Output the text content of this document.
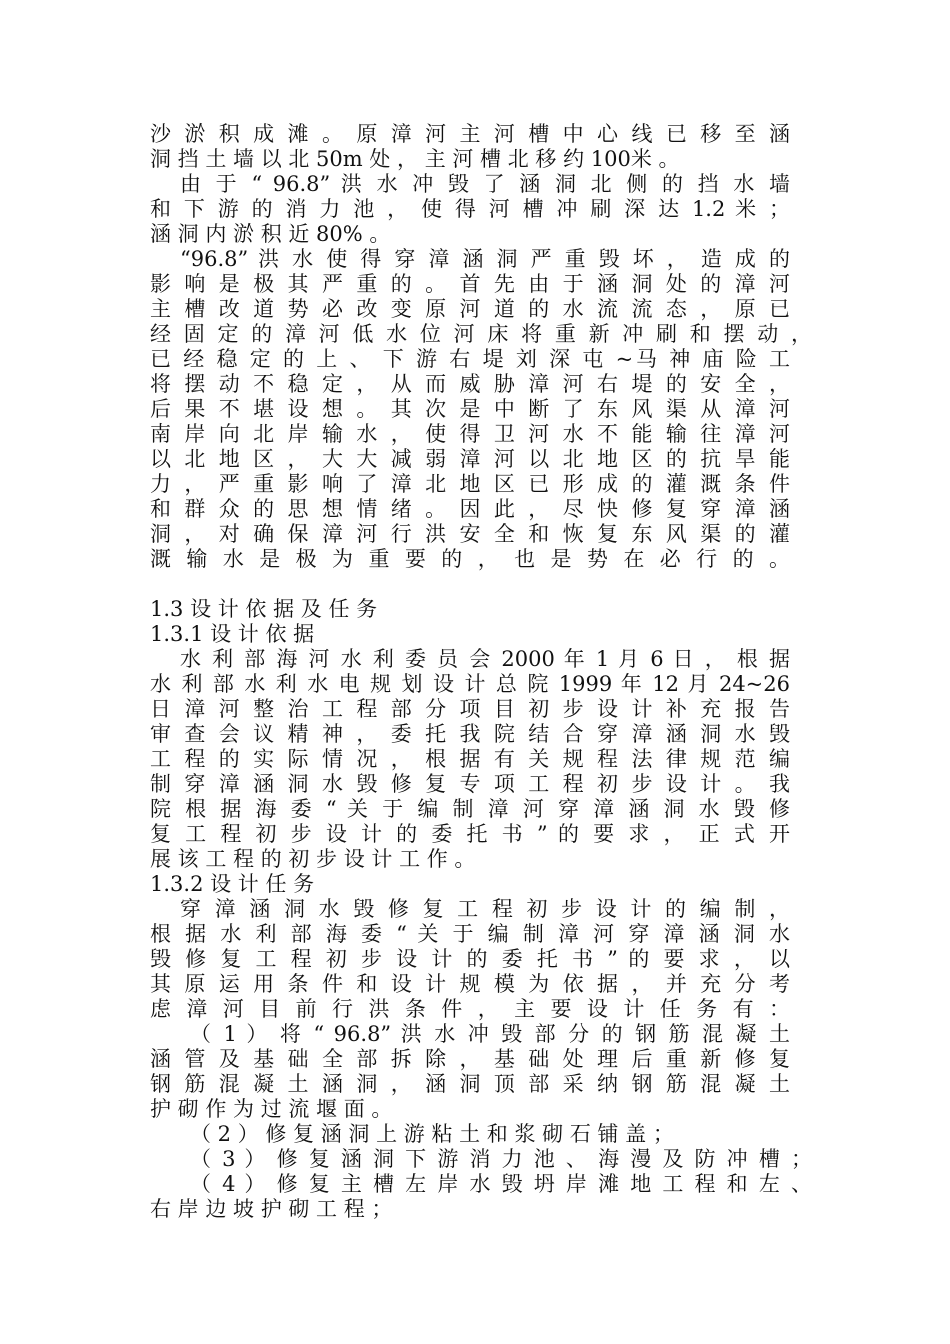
沙 淤 积 成 滩 。 原 漳 河 主 河 槽 中 心 线 已 移 至 涵
洞 挡 土 墙 以 北 50m 处 ， 主 河 槽 北 移 约 100米 。
由 于 “ 96.8” 洪 水 冲 毁 了 涵 洞 北 侧 的 挡 水 墙
和 下 游 的 消 力 池 ， 使 得 河 槽 冲 刷 深 达 1.2 米 ；
涵 洞 内 淤 积 近 80% 。
“96.8” 洪 水 使 得 穿 漳 涵 洞 严 重 毁 坏 ， 造 成 的
影 响 是 极 其 严 重 的 。 首 先 由 于 涵 洞 处 的 漳 河
主 槽 改 道 势 必 改 变 原 河 道 的 水 流 流 态 ， 原 已
经 固 定 的 漳 河 低 水 位 河 床 将 重 新 冲 刷 和 摆 动 ，
已 经 稳 定 的 上 、 下 游 右 堤 刘 深 屯 ~马 神 庙 险 工
将 摆 动 不 稳 定 ， 从 而 威 胁 漳 河 右 堤 的 安 全 ，
后 果 不 堪 设 想 。 其 次 是 中 断 了 东 风 渠 从 漳 河
南 岸 向 北 岸 输 水 ， 使 得 卫 河 水 不 能 输 往 漳 河
以 北 地 区 ， 大 大 减 弱 漳 河 以 北 地 区 的 抗 旱 能
力 ， 严 重 影 响 了 漳 北 地 区 已 形 成 的 灌 溉 条 件
和 群 众 的 思 想 情 绪 。 因 此 ， 尽 快 修 复 穿 漳 涵
洞 ， 对 确 保 漳 河 行 洪 安 全 和 恢 复 东 风 渠 的 灌
溉 输 水 是 极 为 重 要 的 ， 也 是 势 在 必 行 的 。
1.3 设 计 依 据 及 任 务
1.3.1 设 计 依 据
水 利 部 海 河 水 利 委 员 会 2000 年 1 月 6 日 ， 根 据
水 利 部 水 利 水 电 规 划 设 计 总 院 1999 年 12 月 24~26
日 漳 河 整 治 工 程 部 分 项 目 初 步 设 计 补 充 报 告
审 查 会 议 精 神 ， 委 托 我 院 结 合 穿 漳 涵 洞 水 毁
工 程 的 实 际 情 况 ， 根 据 有 关 规 程 法 律 规 范 编
制 穿 漳 涵 洞 水 毁 修 复 专 项 工 程 初 步 设 计 。 我
院 根 据 海 委 “ 关 于 编 制 漳 河 穿 漳 涵 洞 水 毁 修
复 工 程 初 步 设 计 的 委 托 书 ” 的 要 求 ， 正 式 开
展 该 工 程 的 初 步 设 计 工 作 。
1.3.2 设 计 任 务
穿 漳 涵 洞 水 毁 修 复 工 程 初 步 设 计 的 编 制 ，
根 据 水 利 部 海 委 “ 关 于 编 制 漳 河 穿 漳 涵 洞 水
毁 修 复 工 程 初 步 设 计 的 委 托 书 ” 的 要 求 ， 以
其 原 运 用 条 件 和 设 计 规 模 为 依 据 ， 并 充 分 考
虑 漳 河 目 前 行 洪 条 件 ， 主 要 设 计 任 务 有 ：
（ 1 ） 将 “ 96.8” 洪 水 冲 毁 部 分 的 钢 筋 混 凝 土
涵 管 及 基 础 全 部 拆 除 ， 基 础 处 理 后 重 新 修 复
钢 筋 混 凝 土 涵 洞 ， 涵 洞 顶 部 采 纳 钢 筋 混 凝 土
护 砌 作 为 过 流 堰 面 。
（ 2 ） 修 复 涵 洞 上 游 粘 土 和 浆 砌 石 铺 盖 ；
（ 3 ） 修 复 涵 洞 下 游 消 力 池 、 海 漫 及 防 冲 槽 ；
（ 4 ） 修 复 主 槽 左 岸 水 毁 坍 岸 滩 地 工 程 和 左 、
右 岸 边 坡 护 砌 工 程 ；
